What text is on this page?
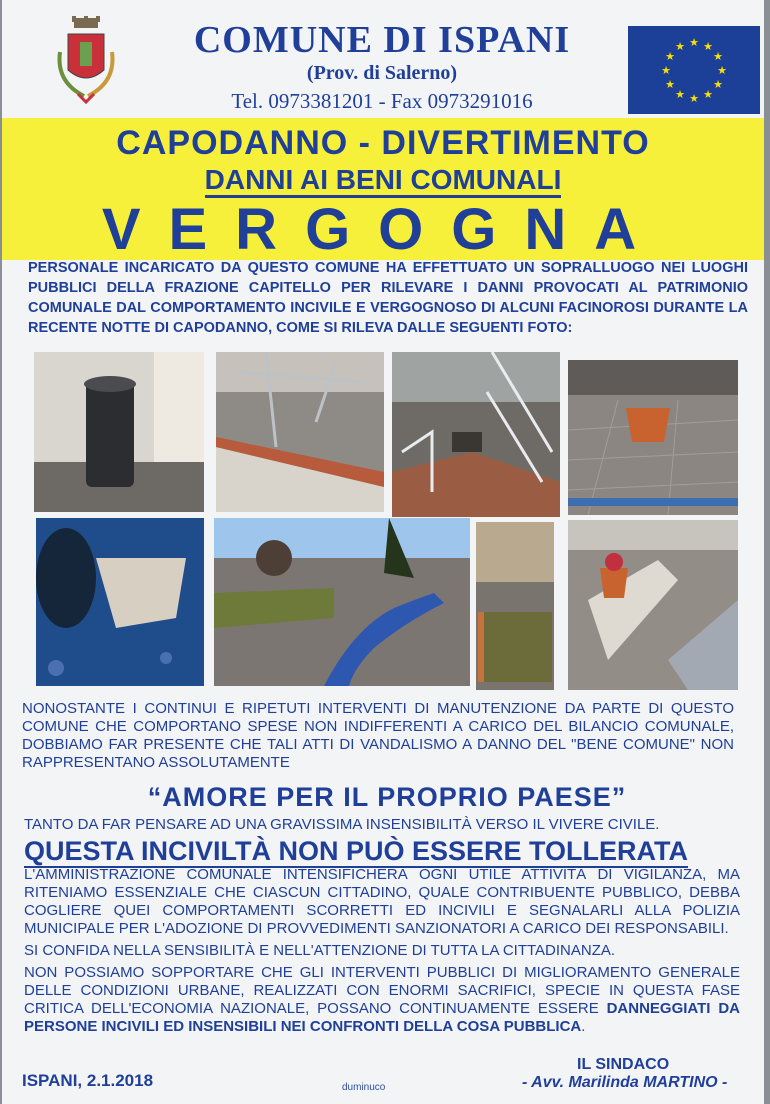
COMUNE DI ISPANI
(Prov. di Salerno)
Tel. 0973381201 - Fax 0973291016
★ ★
★
★
★
★
★
★
★
★
★
★
CAPODANNO - DIVERTIMENTO
DANNI AI BENI COMUNALI
VERGOGNA
PERSONALE INCARICATO DA QUESTO COMUNE HA EFFETTUATO UN SOPRALLUOGO NEI LUOGHI PUBBLICI DELLA FRAZIONE CAPITELLO PER RILEVARE I DANNI PROVOCATI AL PATRIMONIO COMUNALE DAL COMPORTAMENTO INCIVILE E VERGOGNOSO DI ALCUNI FACINOROSI DURANTE LA RECENTE NOTTE DI CAPODANNO, COME SI RILEVA DALLE SEGUENTI FOTO:
NONOSTANTE I CONTINUI E RIPETUTI INTERVENTI DI MANUTENZIONE DA PARTE DI QUESTO COMUNE CHE COMPORTANO SPESE NON INDIFFERENTI A CARICO DEL BILANCIO COMUNALE, DOBBIAMO FAR PRESENTE CHE TALI ATTI DI VANDALISMO A DANNO DEL "BENE COMUNE" NON RAPPRESENTANO ASSOLUTAMENTE
“AMORE PER IL PROPRIO PAESE”
TANTO DA FAR PENSARE AD UNA GRAVISSIMA INSENSIBILITÀ VERSO IL VIVERE CIVILE.
QUESTA INCIVILTÀ NON PUÒ ESSERE TOLLERATA

L'AMMINISTRAZIONE COMUNALE INTENSIFICHERÀ OGNI UTILE ATTIVITÀ DI VIGILANZA, MA RITENIAMO ESSENZIALE CHE CIASCUN CITTADINO, QUALE CONTRIBUENTE PUBBLICO, DEBBA COGLIERE QUEI COMPORTAMENTI SCORRETTI ED INCIVILI E SEGNALARLI ALLA POLIZIA MUNICIPALE PER L'ADOZIONE DI PROVVEDIMENTI SANZIONATORI A CARICO DEI RESPONSABILI.

SI CONFIDA NELLA SENSIBILITÀ E NELL'ATTENZIONE DI TUTTA LA CITTADINANZA.

NON POSSIAMO SOPPORTARE CHE GLI INTERVENTI PUBBLICI DI MIGLIORAMENTO GENERALE DELLE CONDIZIONI URBANE, REALIZZATI CON ENORMI SACRIFICI, SPECIE IN QUESTA FASE CRITICA DELL'ECONOMIA NAZIONALE, POSSANO CONTINUAMENTE ESSERE DANNEGGIATI DA PERSONE INCIVILI ED INSENSIBILI NEI CONFRONTI DELLA COSA PUBBLICA.

ISPANI, 2.1.2018	duminuco
IL SINDACO
- Avv. Marilinda MARTINO -
